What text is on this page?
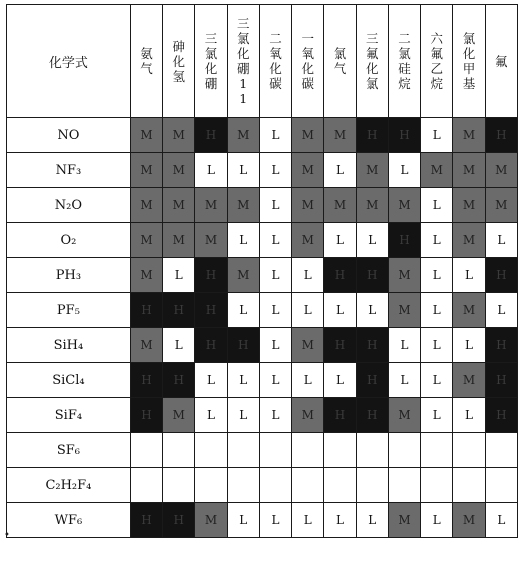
化学式	氨气	砷化氢	三氯化硼	三氯化硼11	二氧化碳	一氧化碳	氯气	三氟化氯	二氯硅烷	六氟乙烷	氯化甲基	氟
NO	M	M	H	M	L	M	M	H	H	L	M	H
NF₃	M	M	L	L	L	M	L	M	L	M	M	M
N₂O	M	M	M	M	L	M	M	M	M	L	M	M
O₂	M	M	M	L	L	M	L	L	H	L	M	L
PH₃	M	L	H	M	L	L	H	H	M	L	L	H
PF₅	H	H	H	L	L	L	L	L	M	L	M	L
SiH₄	M	L	H	H	L	M	H	H	L	L	L	H
SiCl₄	H	H	L	L	L	L	L	H	L	L	M	H
SiF₄	H	M	L	L	L	M	H	H	M	L	L	H
SF₆												
C₂H₂F₄												
WF₆	H	H	M	L	L	L	L	L	M	L	M	L
•
